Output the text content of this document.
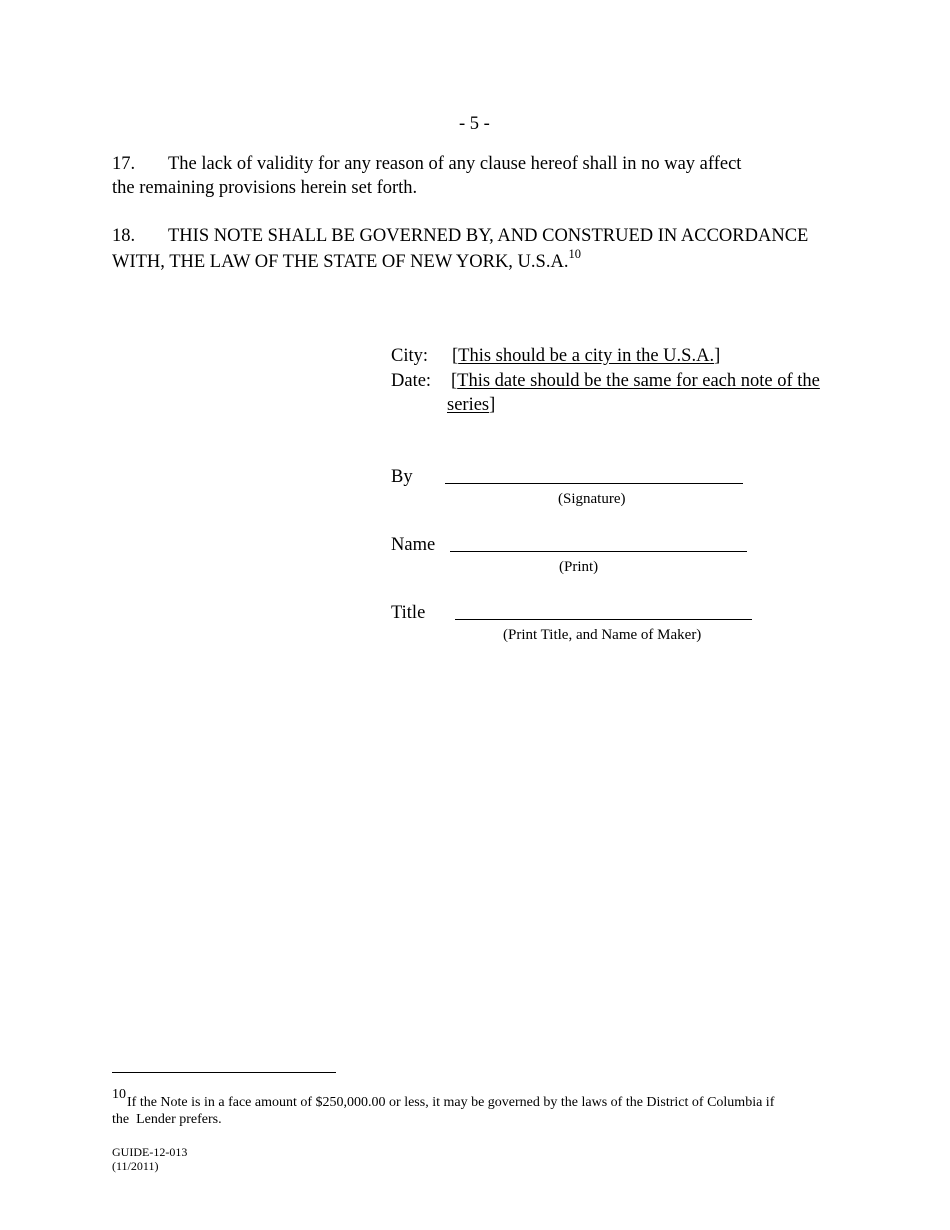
- 5 -
17. The lack of validity for any reason of any clause hereof shall in no way affect
the remaining provisions herein set forth.
18. THIS NOTE SHALL BE GOVERNED BY, AND CONSTRUED IN ACCORDANCE
WITH, THE LAW OF THE STATE OF NEW YORK, U.S.A.$^{10}$
City: [This should be a city in the U.S.A.]
Date: [This date should be the same for each note of the
series]
By
(Signature)
Name
(Print)
Title
(Print Title, and Name of Maker)
10
If the Note is in a face amount of $250,000.00 or less, it may be governed by the laws of the District of Columbia if
the  Lender prefers.
GUIDE-12-013
(11/2011)
